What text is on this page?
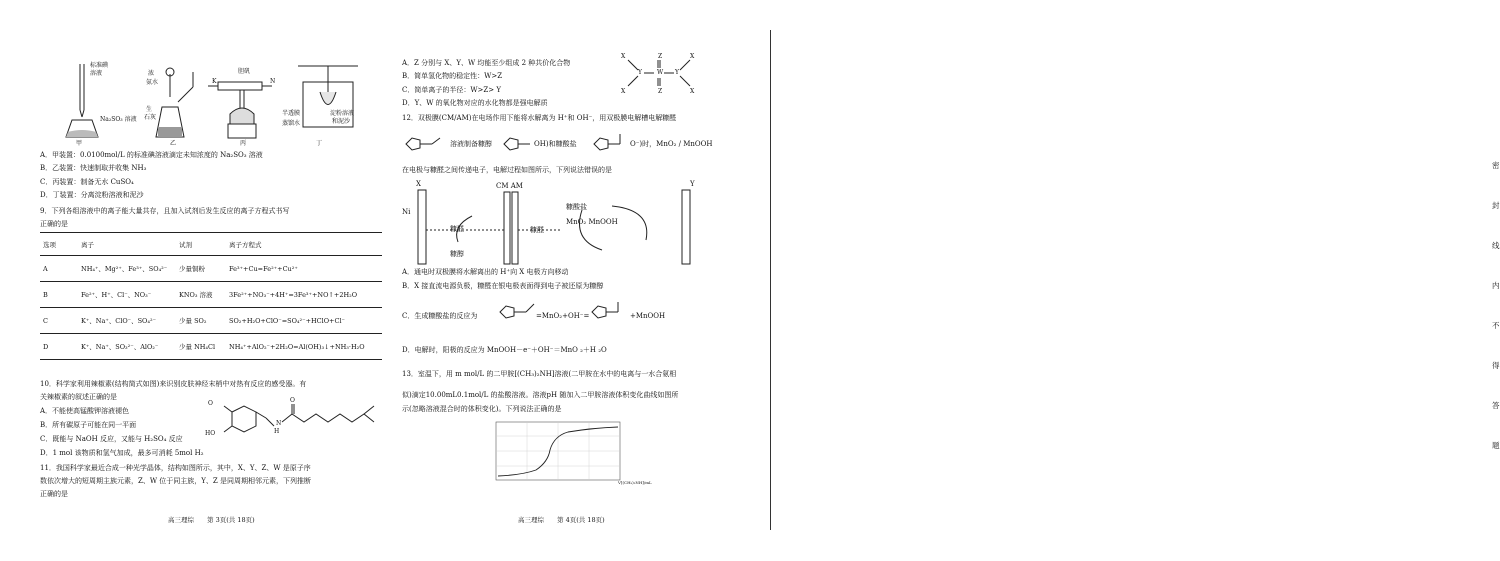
标准碘
溶液
Na₂SO₃ 溶液
甲
浓
氨水
生
石灰
乙
K	N
胆矾
丙
半透膜
蒸馏水
淀粉溶液
和泥沙
丁
A．甲装置：0.0100mol/L 的标准碘溶液滴定未知浓度的 Na₂SO₃ 溶液
B．乙装置：快速制取并收集 NH₃
C．丙装置：制备无水 CuSO₄
D．丁装置：分离淀粉溶液和泥沙
9．下列各组溶液中的离子能大量共存，且加入试剂后发生反应的离子方程式书写
正确的是
选项	离子	试剂	离子方程式
A	NH₄⁺、Mg²⁺、Fe³⁺、SO₄²⁻	少量铜粉	Fe³⁺+Cu=Fe²⁺+Cu²⁺
B	Fe²⁺、H⁺、Cl⁻、NO₃⁻	KNO₃ 溶液	3Fe²⁺+NO₃⁻+4H⁺=3Fe³⁺+NO↑+2H₂O
C	K⁺、Na⁺、ClO⁻、SO₄²⁻	少量 SO₂	SO₂+H₂O+ClO⁻=SO₄²⁻+HClO+Cl⁻
D	K⁺、Na⁺、SO₃²⁻、AlO₂⁻	少量 NH₄Cl	NH₄⁺+AlO₂⁻+2H₂O=Al(OH)₃↓+NH₃·H₂O
10．科学家利用辣椒素(结构简式如图)来识别皮肤神经末梢中对热有反应的感受器。有
关辣椒素的叙述正确的是
A．不能使高锰酸钾溶液褪色
B．所有碳原子可能在同一平面
C．既能与 NaOH 反应，又能与 H₂SO₄ 反应
D．1 mol 该物质和氢气加成，最多可消耗 5mol H₂
O
HO	H
N
O
11．我国科学家最近合成一种光学晶体，结构如图所示，其中，X、Y、Z、W 是原子序
数依次增大的短周期主族元素，Z、W 位于同主族，Y、Z 是同周期相邻元素，下列推断
正确的是
高三理综　　第 3页(共 18页)
A．Z 分别与 X、Y、W 均能至少组成 2 种共价化合物
B．简单氢化物的稳定性：W>Z
C．简单离子的半径：W>Z> Y
D．Y、W 的氧化物对应的水化物都是强电解质
X
Y	W Y
X
X
Z
Z	X
12．双极膜(CM/AM)在电场作用下能将水解离为 H⁺和 OH⁻，用双极膜电解槽电解糠醛
溶液制备糠醇	OH)和糠酸盐	O⁻)时，MnO₂ / MnOOH
在电极与糠醛之间传递电子，电解过程如图所示，下列说法错误的是
X	Y
CM AM
Ni
糠醛
糠醇
糠醛
糠酸盐
MnO₂ MnOOH
A．通电时双极膜将水解离出的 H⁺向 X 电极方向移动
B．X 接直流电源负极，糠醛在银电极表面得到电子被还原为糠醇
C．生成糠酸盐的反应为	=MnO₂+OH⁻=	+MnOOH
D．电解时，阳极的反应为 MnOOH－e⁻＋OH⁻＝MnO ₂＋H ₂O
13．室温下，用 m mol/L 的二甲胺[(CH₃)₂NH]溶液(二甲胺在水中的电离与一水合氨相
似)滴定10.00mL0.1mol/L 的盐酸溶液。溶液pH 随加入二甲胺溶液体积变化曲线如图所
示(忽略溶液混合时的体积变化)。下列说法正确的是
V[(CH₃)₂NH]/mL
高三理综　　第 4页(共 18页)
密
封
线
内
不
得
答
题
